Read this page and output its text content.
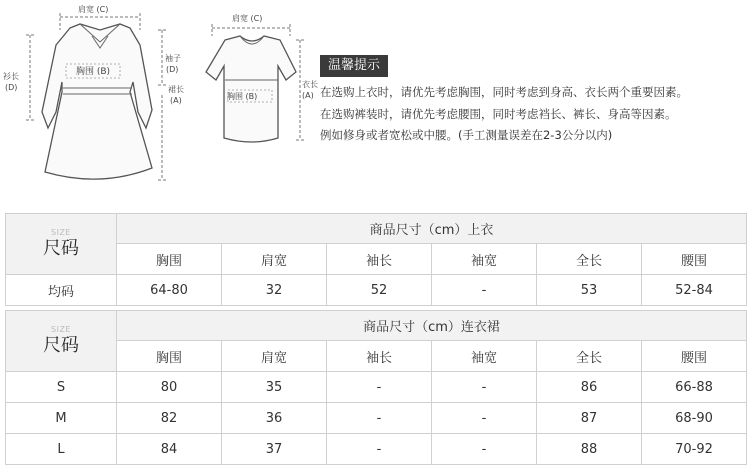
肩宽 (C)
衫长
(D)
胸围 (B)
袖子
(D)
裙长
(A)
肩宽 (C)
胸围 (B)
衣长
(A)
温馨提示
在选购上衣时，请优先考虑胸围，同时考虑到身高、衣长两个重要因素。
在选购裤装时，请优先考虑腰围，同时考虑裆长、裤长、身高等因素。
例如修身或者宽松或中腰。(手工测量误差在2-3公分以内)
SIZE
尺码	商品尺寸（cm）上衣					
	胸围	肩宽	袖长	袖宽	全长	腰围
均码	64-80	32	52	-	53	52-84
SIZE
尺码	商品尺寸（cm）连衣裙					
	胸围	肩宽	袖长	袖宽	全长	腰围
S	80	35	-	-	86	66-88
M	82	36	-	-	87	68-90
L	84	37	-	-	88	70-92
